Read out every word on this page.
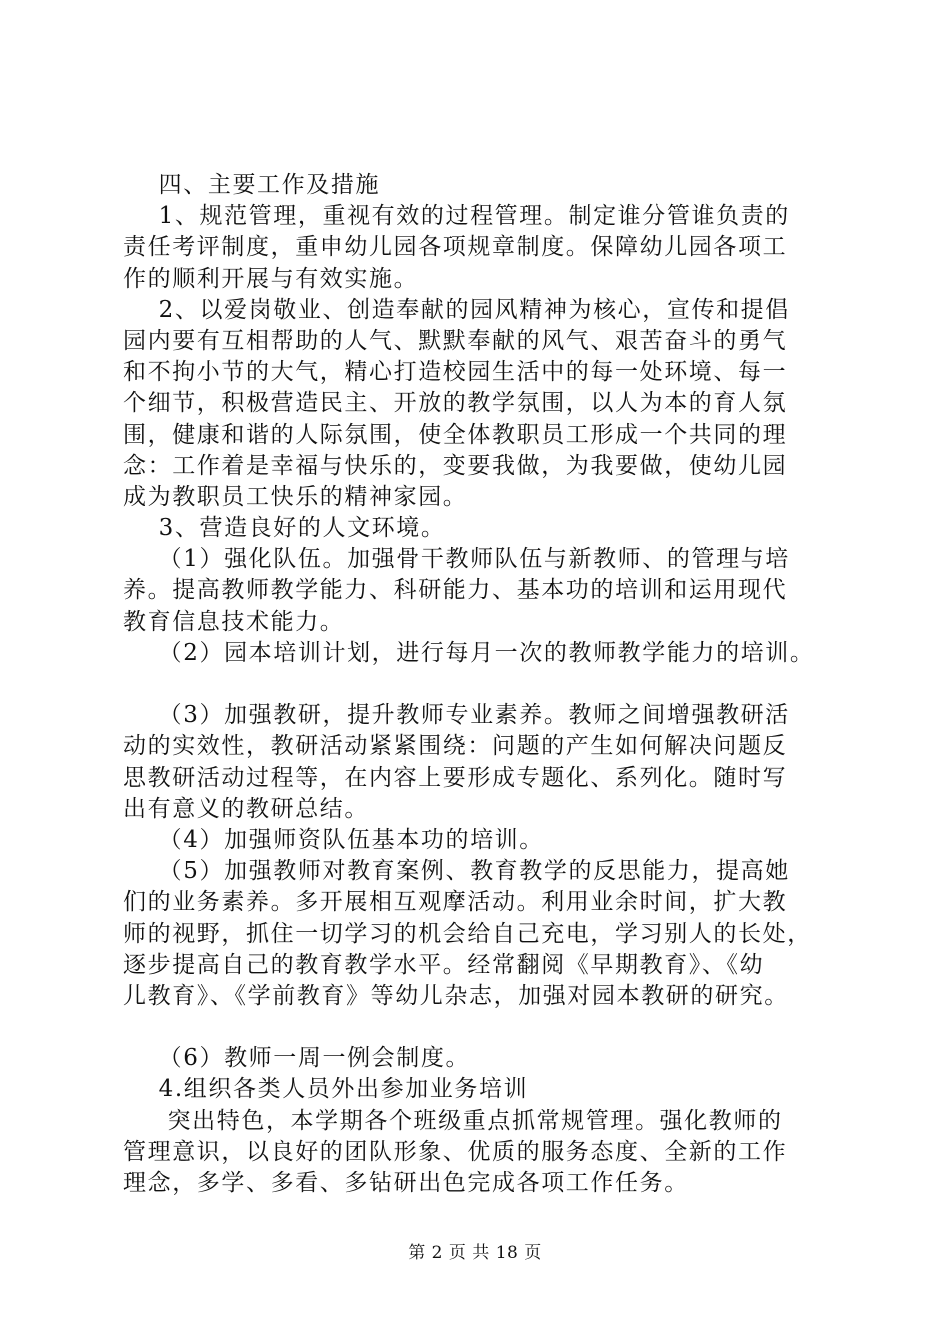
四、主要工作及措施
1、规范管理，重视有效的过程管理。制定谁分管谁负责的
责任考评制度，重申幼儿园各项规章制度。保障幼儿园各项工
作的顺利开展与有效实施。
2、以爱岗敬业、创造奉献的园风精神为核心，宣传和提倡
园内要有互相帮助的人气、默默奉献的风气、艰苦奋斗的勇气
和不拘小节的大气，精心打造校园生活中的每一处环境、每一
个细节，积极营造民主、开放的教学氛围，以人为本的育人氛
围，健康和谐的人际氛围，使全体教职员工形成一个共同的理
念：工作着是幸福与快乐的，变要我做，为我要做，使幼儿园
成为教职员工快乐的精神家园。
3、营造良好的人文环境。
（1）强化队伍。加强骨干教师队伍与新教师、的管理与培
养。提高教师教学能力、科研能力、基本功的培训和运用现代
教育信息技术能力。
（2）园本培训计划，进行每月一次的教师教学能力的培训。
（3）加强教研，提升教师专业素养。教师之间增强教研活
动的实效性，教研活动紧紧围绕：问题的产生如何解决问题反
思教研活动过程等，在内容上要形成专题化、系列化。随时写
出有意义的教研总结。
（4）加强师资队伍基本功的培训。
（5）加强教师对教育案例、教育教学的反思能力，提高她
们的业务素养。多开展相互观摩活动。利用业余时间，扩大教
师的视野，抓住一切学习的机会给自己充电，学习别人的长处，
逐步提高自己的教育教学水平。经常翻阅《早期教育》、《幼
儿教育》、《学前教育》等幼儿杂志，加强对园本教研的研究。
（6）教师一周一例会制度。
4.组织各类人员外出参加业务培训
突出特色，本学期各个班级重点抓常规管理。强化教师的
管理意识，以良好的团队形象、优质的服务态度、全新的工作
理念，多学、多看、多钻研出色完成各项工作任务。
第 2 页 共 18 页
